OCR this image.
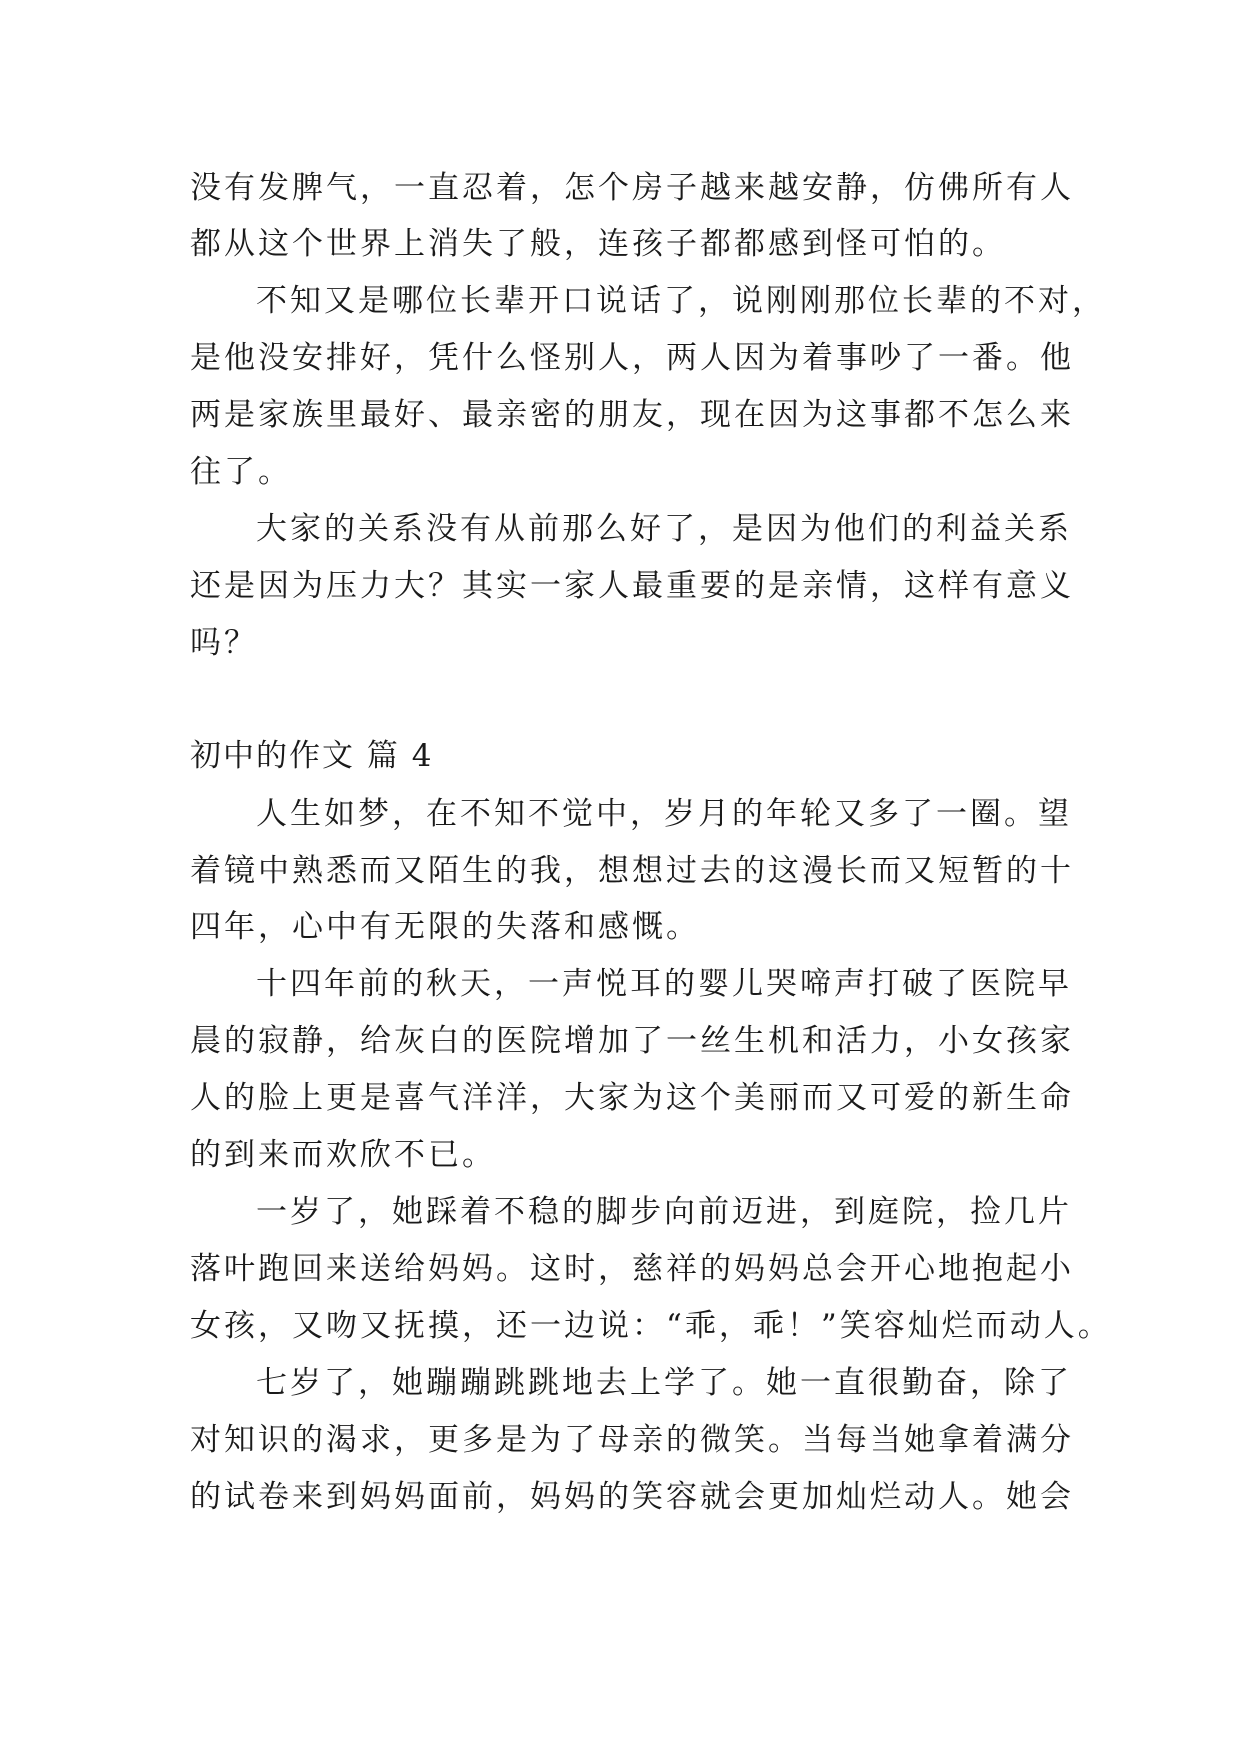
没有发脾气，一直忍着，怎个房子越来越安静，仿佛所有人
都从这个世界上消失了般，连孩子都都感到怪可怕的。
不知又是哪位长辈开口说话了，说刚刚那位长辈的不对，
是他没安排好，凭什么怪别人，两人因为着事吵了一番。他
两是家族里最好、最亲密的朋友，现在因为这事都不怎么来
往了。
大家的关系没有从前那么好了，是因为他们的利益关系
还是因为压力大？其实一家人最重要的是亲情，这样有意义
吗？
初中的作文 篇 4
人生如梦，在不知不觉中，岁月的年轮又多了一圈。望
着镜中熟悉而又陌生的我，想想过去的这漫长而又短暂的十
四年，心中有无限的失落和感慨。
十四年前的秋天，一声悦耳的婴儿哭啼声打破了医院早
晨的寂静，给灰白的医院增加了一丝生机和活力，小女孩家
人的脸上更是喜气洋洋，大家为这个美丽而又可爱的新生命
的到来而欢欣不已。
一岁了，她踩着不稳的脚步向前迈进，到庭院，捡几片
落叶跑回来送给妈妈。这时，慈祥的妈妈总会开心地抱起小
女孩，又吻又抚摸，还一边说：“乖，乖！”笑容灿烂而动人。
七岁了，她蹦蹦跳跳地去上学了。她一直很勤奋，除了
对知识的渴求，更多是为了母亲的微笑。当每当她拿着满分
的试卷来到妈妈面前，妈妈的笑容就会更加灿烂动人。她会
